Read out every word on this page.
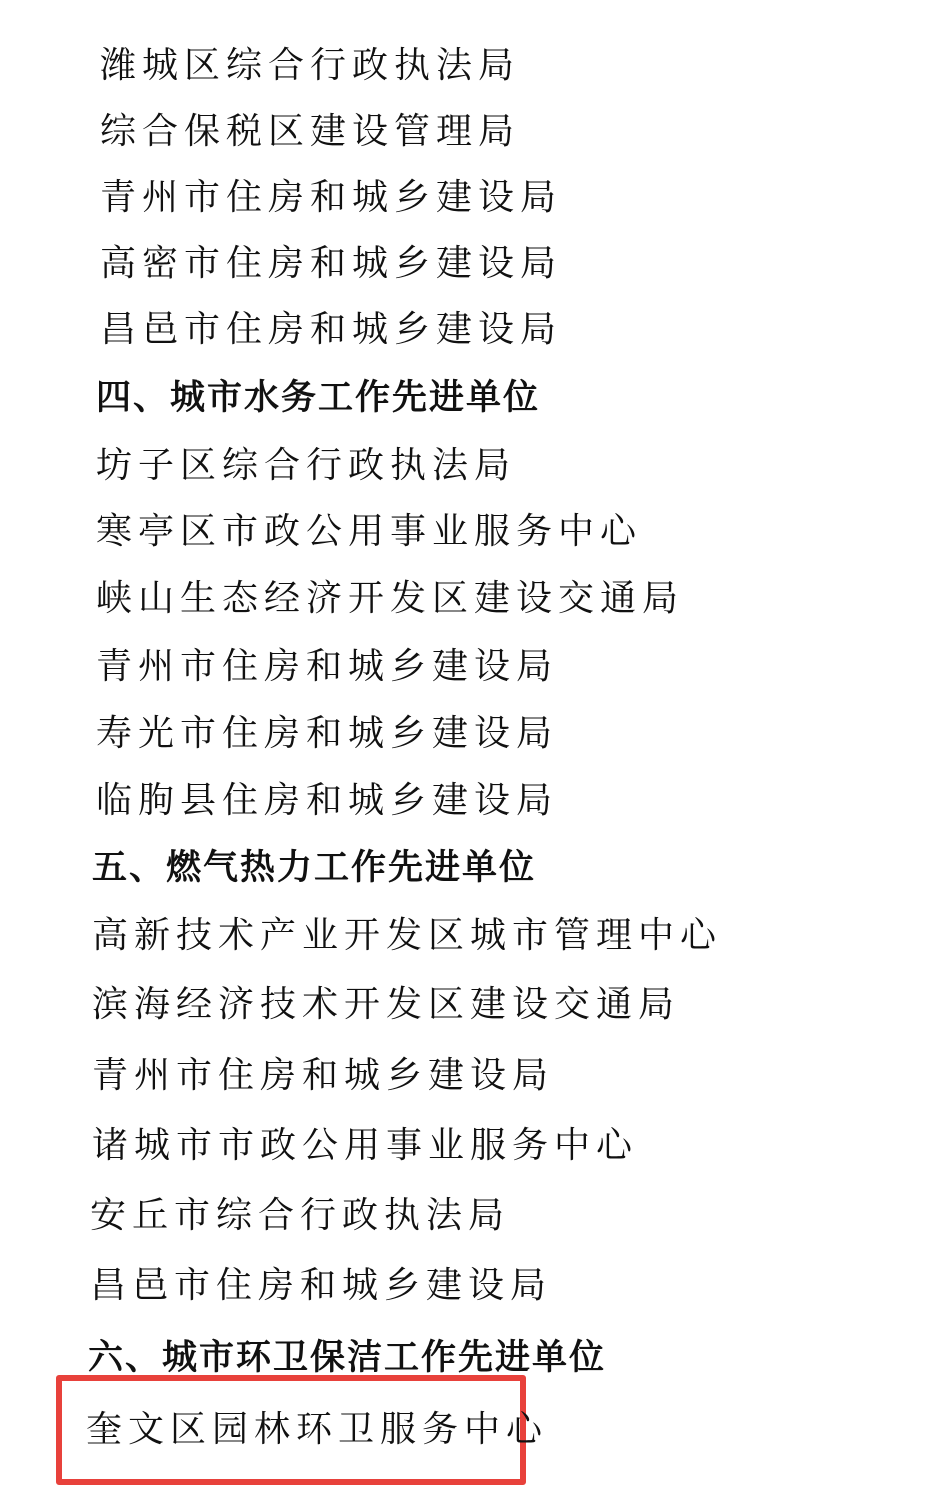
潍城区综合行政执法局
综合保税区建设管理局
青州市住房和城乡建设局
高密市住房和城乡建设局
昌邑市住房和城乡建设局
四、城市水务工作先进单位
坊子区综合行政执法局
寒亭区市政公用事业服务中心
峡山生态经济开发区建设交通局
青州市住房和城乡建设局
寿光市住房和城乡建设局
临朐县住房和城乡建设局
五、燃气热力工作先进单位
高新技术产业开发区城市管理中心
滨海经济技术开发区建设交通局
青州市住房和城乡建设局
诸城市市政公用事业服务中心
安丘市综合行政执法局
昌邑市住房和城乡建设局
六、城市环卫保洁工作先进单位
奎文区园林环卫服务中心
